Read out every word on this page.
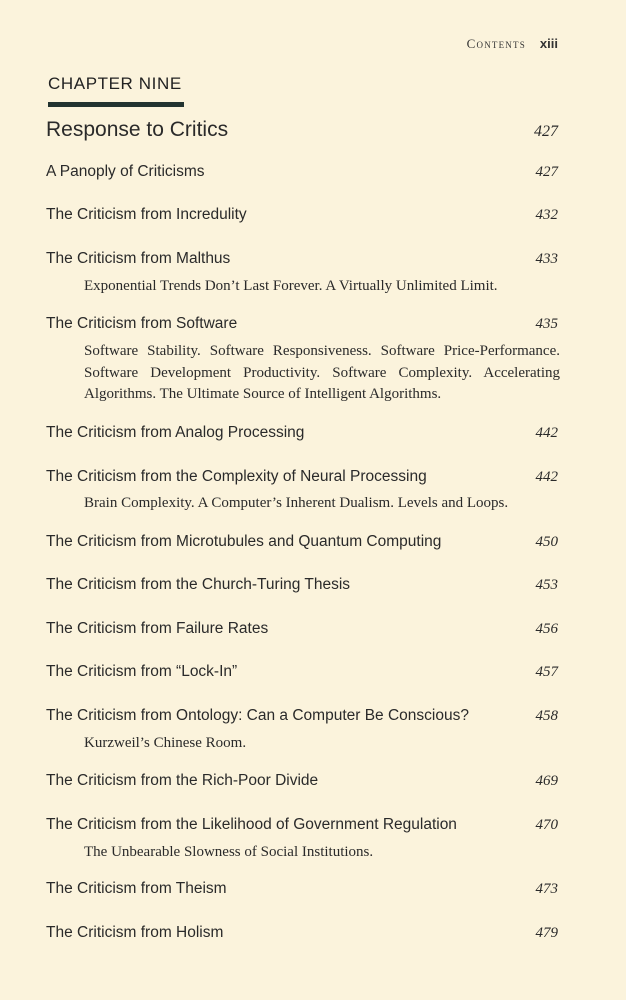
Contents xiii
CHAPTER NINE
Response to Critics	427
A Panoply of Criticisms	427
The Criticism from Incredulity	432
The Criticism from Malthus	433
Exponential Trends Don’t Last Forever. A Virtually Unlimited Limit.
The Criticism from Software	435
Software Stability. Software Responsiveness. Software Price-Performance. Software Development Productivity. Software Complexity. Accelerating Algorithms. The Ultimate Source of Intelligent Algorithms.
The Criticism from Analog Processing	442
The Criticism from the Complexity of Neural Processing	442
Brain Complexity. A Computer’s Inherent Dualism. Levels and Loops.
The Criticism from Microtubules and Quantum Computing	450
The Criticism from the Church-Turing Thesis	453
The Criticism from Failure Rates	456
The Criticism from “Lock-In”	457
The Criticism from Ontology: Can a Computer Be Conscious?	458
Kurzweil’s Chinese Room.
The Criticism from the Rich-Poor Divide	469
The Criticism from the Likelihood of Government Regulation	470
The Unbearable Slowness of Social Institutions.
The Criticism from Theism	473
The Criticism from Holism	479
